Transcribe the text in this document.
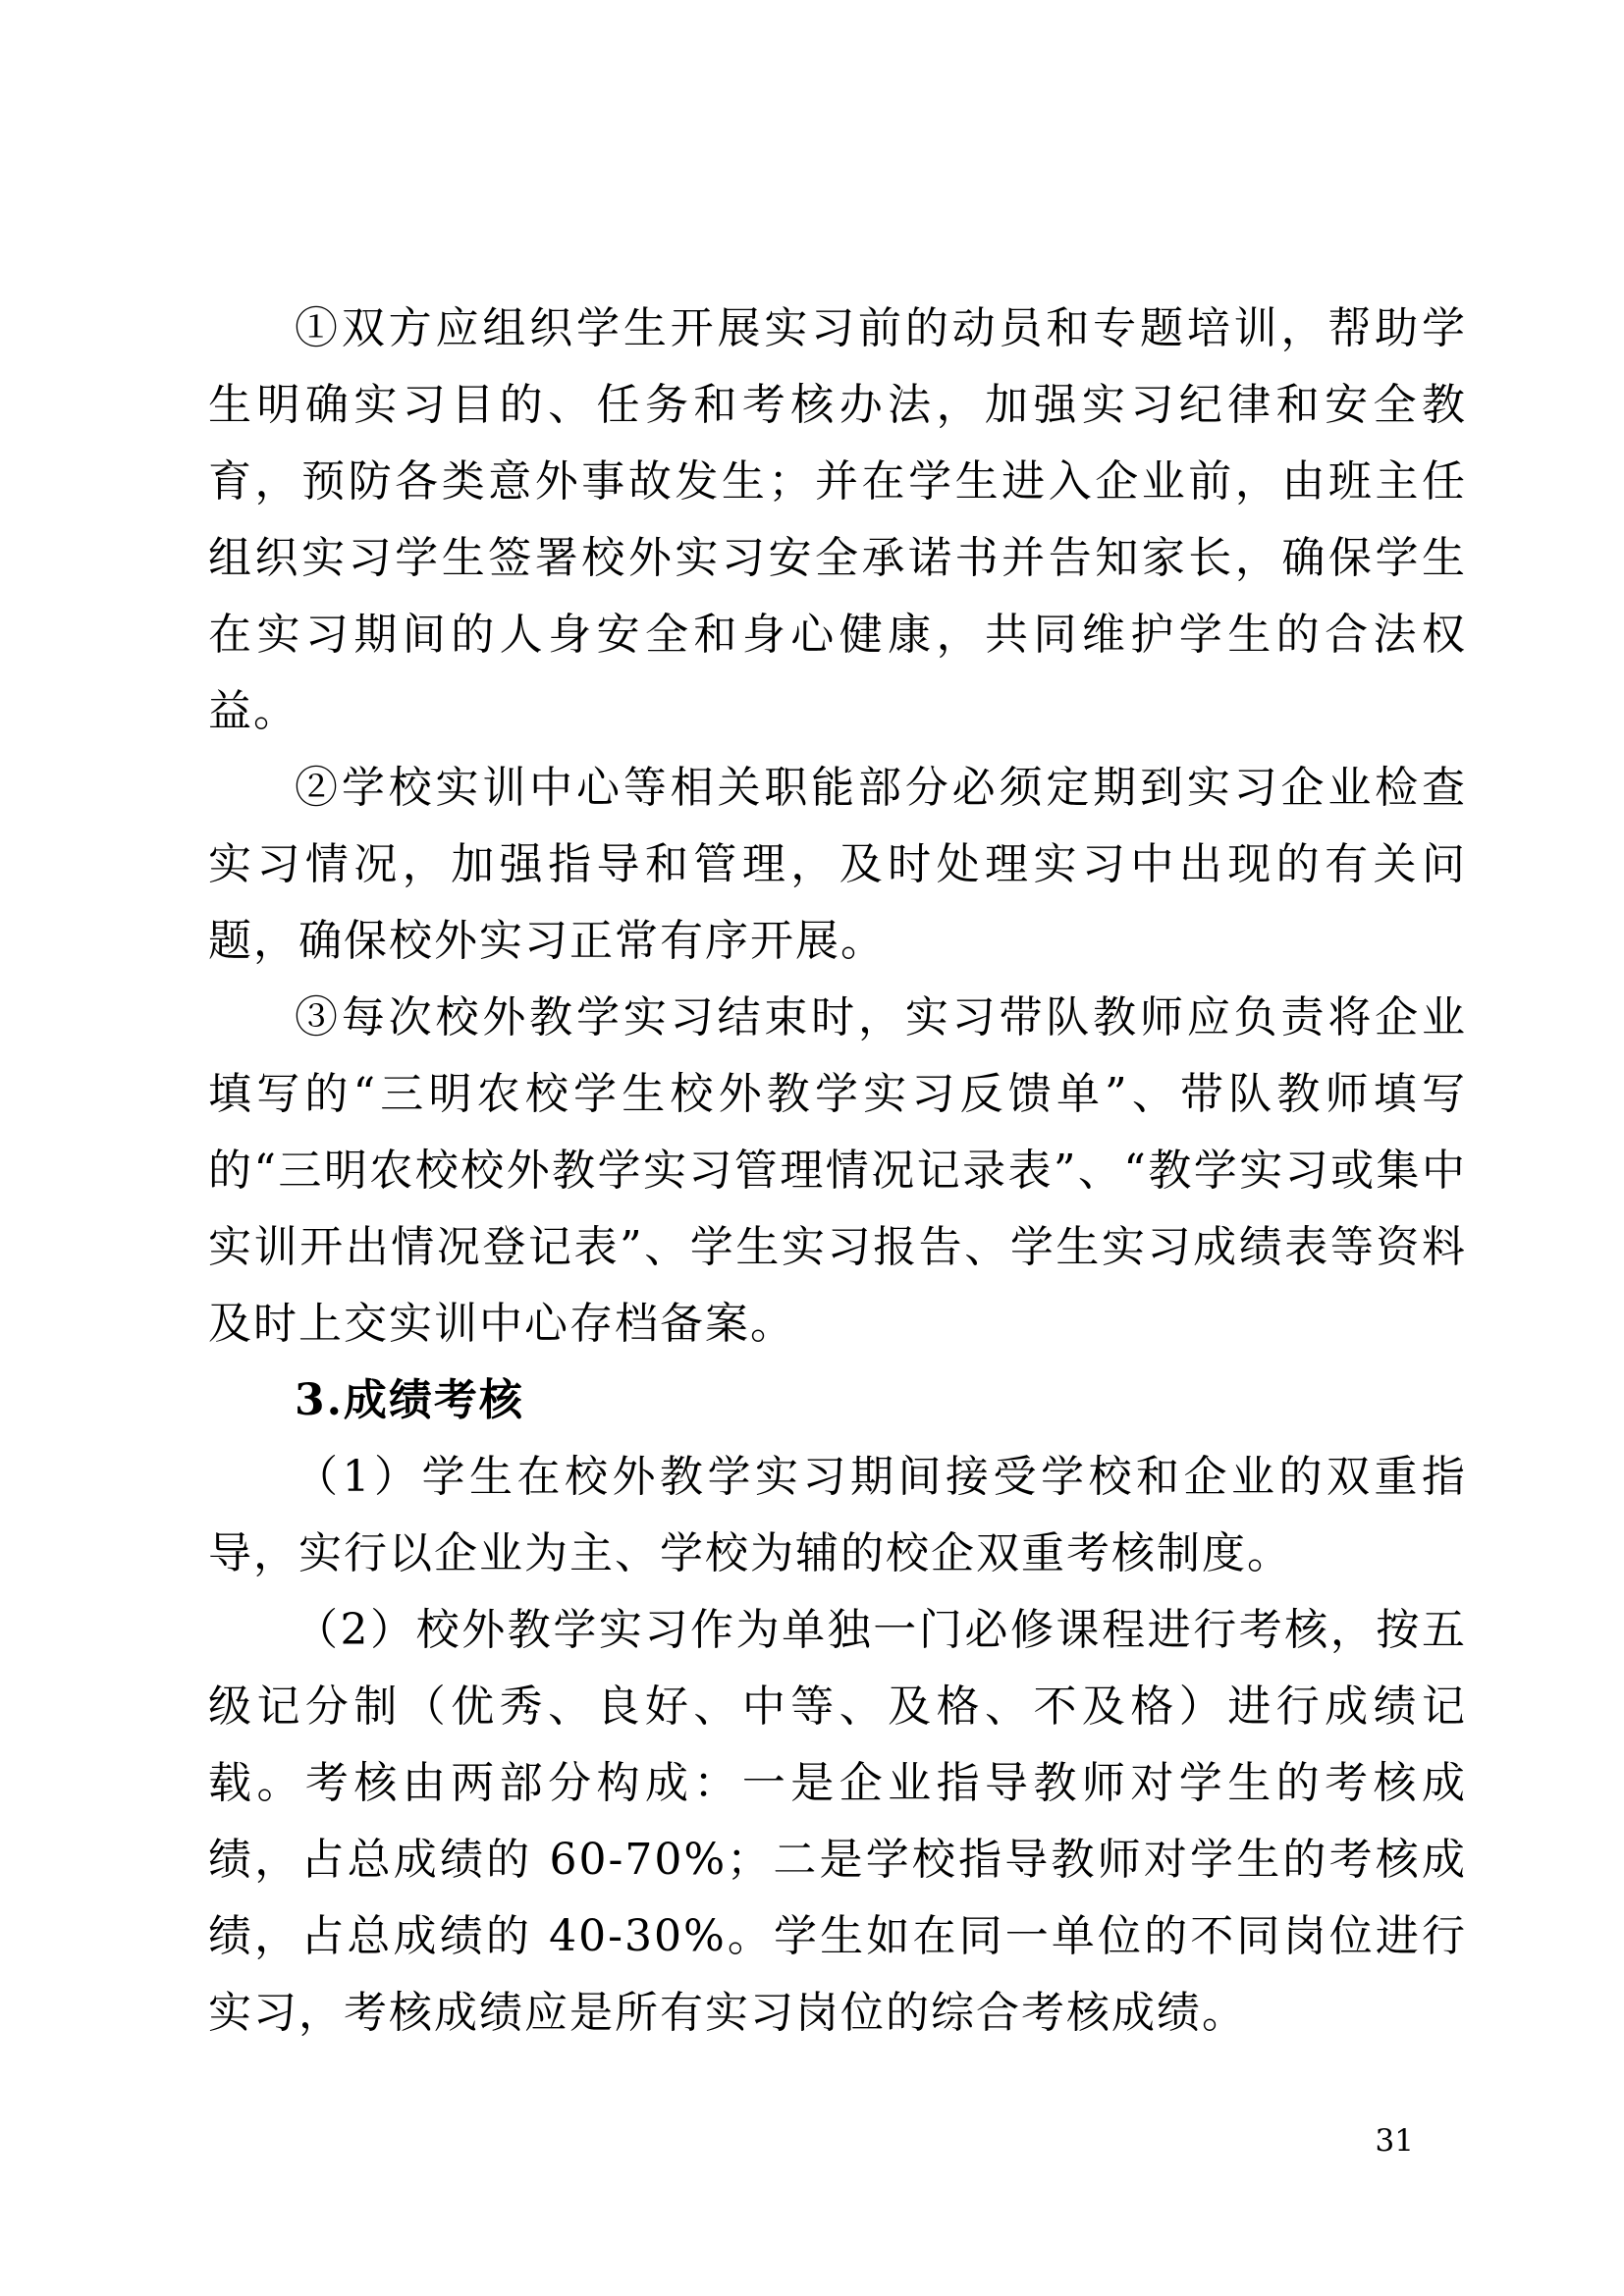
①双方应组织学生开展实习前的动员和专题培训，帮助学生明确实习目的、任务和考核办法，加强实习纪律和安全教育，预防各类意外事故发生；并在学生进入企业前，由班主任组织实习学生签署校外实习安全承诺书并告知家长，确保学生在实习期间的人身安全和身心健康，共同维护学生的合法权益。

②学校实训中心等相关职能部分必须定期到实习企业检查实习情况，加强指导和管理，及时处理实习中出现的有关问题，确保校外实习正常有序开展。

③每次校外教学实习结束时，实习带队教师应负责将企业填写的“三明农校学生校外教学实习反馈单”、带队教师填写的“三明农校校外教学实习管理情况记录表”、“教学实习或集中实训开出情况登记表”、学生实习报告、学生实习成绩表等资料及时上交实训中心存档备案。

3.成绩考核

（1）学生在校外教学实习期间接受学校和企业的双重指导，实行以企业为主、学校为辅的校企双重考核制度。

（2）校外教学实习作为单独一门必修课程进行考核，按五级记分制（优秀、良好、中等、及格、不及格）进行成绩记载。考核由两部分构成：一是企业指导教师对学生的考核成绩，占总成绩的 60-70%；二是学校指导教师对学生的考核成绩，占总成绩的 40-30%。学生如在同一单位的不同岗位进行实习，考核成绩应是所有实习岗位的综合考核成绩。

31
